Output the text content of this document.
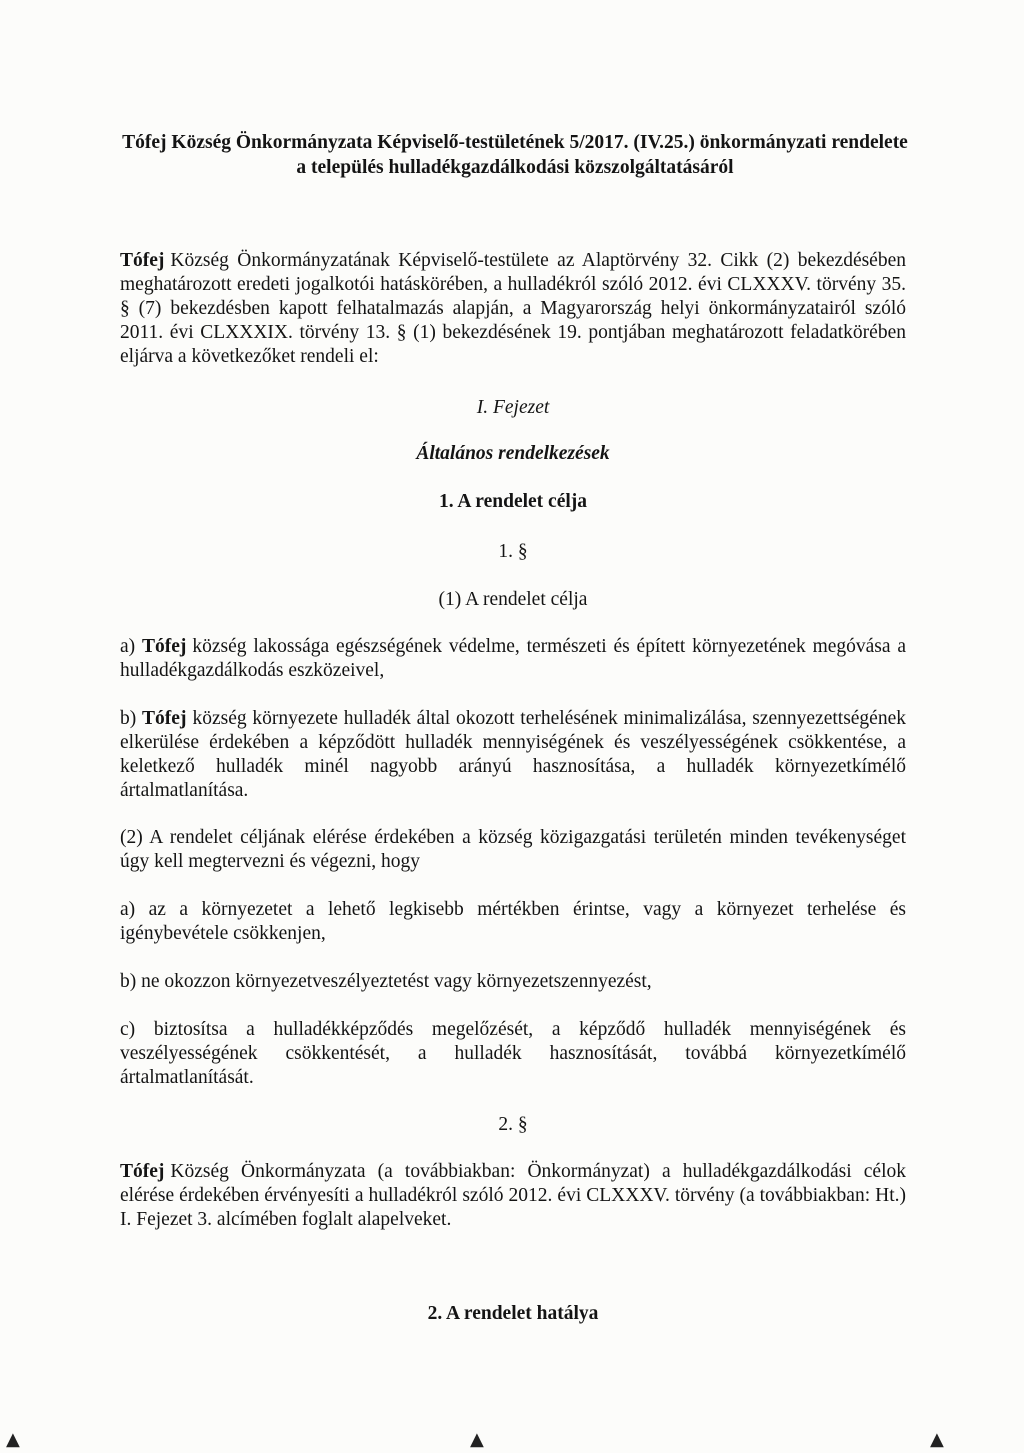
Tófej Község Önkormányzata Képviselő-testületének 5/2017. (IV.25.) önkormányzati rendelete a település hulladékgazdálkodási közszolgáltatásáról
Tófej Község Önkormányzatának Képviselő-testülete az Alaptörvény 32. Cikk (2) bekezdésében meghatározott eredeti jogalkotói hatáskörében, a hulladékról szóló 2012. évi CLXXXV. törvény 35. § (7) bekezdésben kapott felhatalmazás alapján, a Magyarország helyi önkormányzatairól szóló 2011. évi CLXXXIX. törvény 13. § (1) bekezdésének 19. pontjában meghatározott feladatkörében eljárva a következőket rendeli el:
I. Fejezet
Általános rendelkezések
1. A rendelet célja
1. §
(1) A rendelet célja
a) Tófej község lakossága egészségének védelme, természeti és épített környezetének megóvása a hulladékgazdálkodás eszközeivel,
b) Tófej község környezete hulladék által okozott terhelésének minimalizálása, szennyezettségének elkerülése érdekében a képződött hulladék mennyiségének és veszélyességének csökkentése, a keletkező hulladék minél nagyobb arányú hasznosítása, a hulladék környezetkímélő ártalmatlanítása.
(2) A rendelet céljának elérése érdekében a község közigazgatási területén minden tevékenységet úgy kell megtervezni és végezni, hogy
a) az a környezetet a lehető legkisebb mértékben érintse, vagy a környezet terhelése és igénybevétele csökkenjen,
b) ne okozzon környezetveszélyeztetést vagy környezetszennyezést,
c) biztosítsa a hulladékképződés megelőzését, a képződő hulladék mennyiségének és veszélyességének csökkentését, a hulladék hasznosítását, továbbá környezetkímélő ártalmatlanítását.
2. §
Tófej Község Önkormányzata (a továbbiakban: Önkormányzat) a hulladékgazdálkodási célok elérése érdekében érvényesíti a hulladékról szóló 2012. évi CLXXXV. törvény (a továbbiakban: Ht.) I. Fejezet 3. alcímében foglalt alapelveket.
2. A rendelet hatálya
▲	▲	▲
